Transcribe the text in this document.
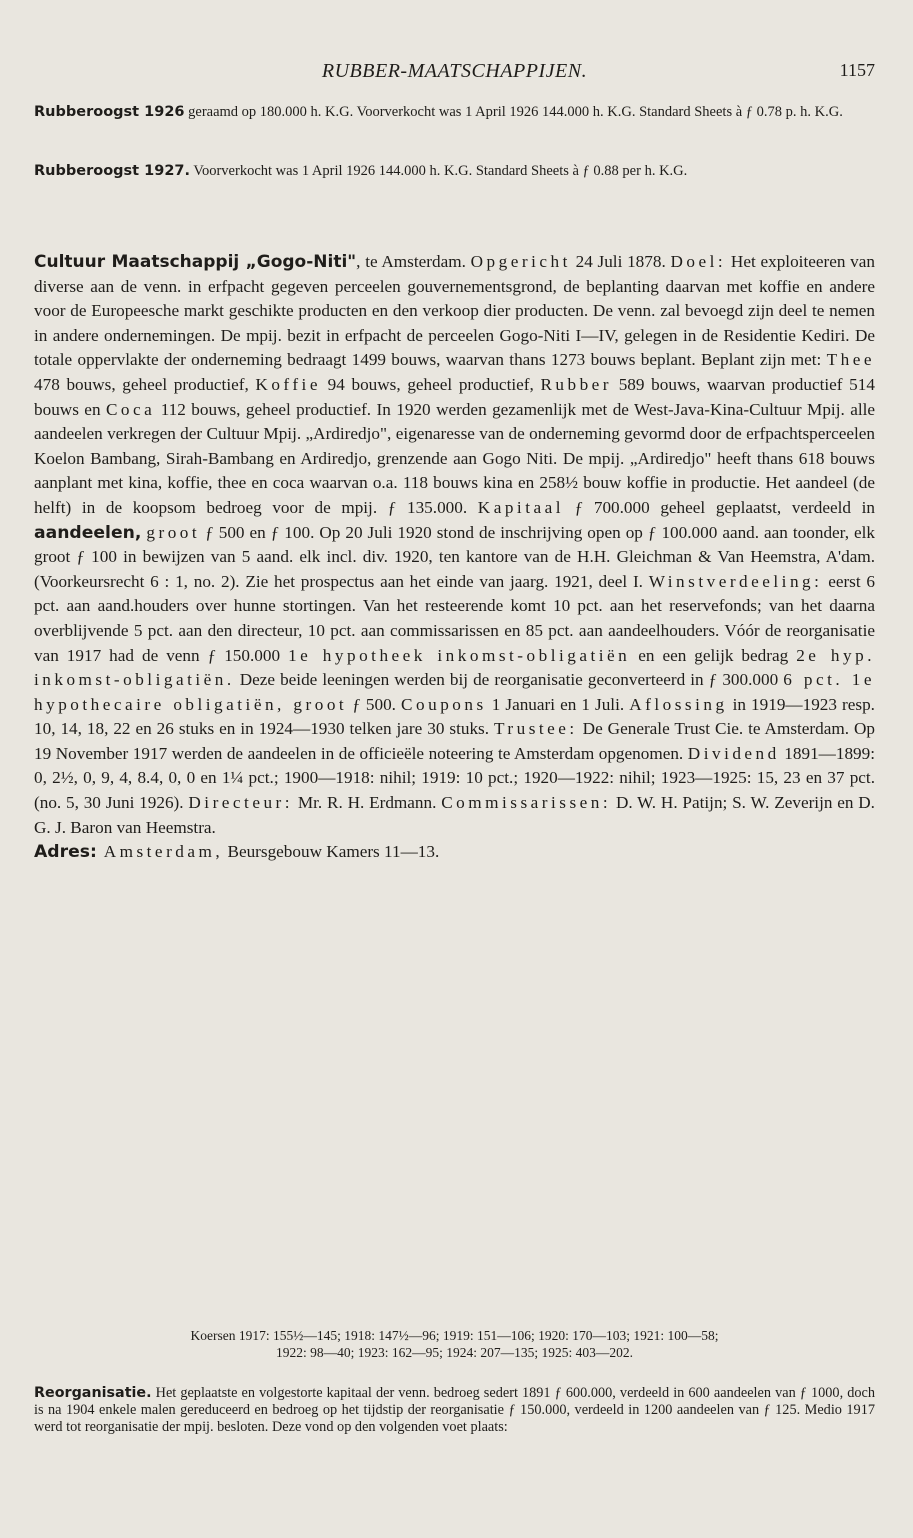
RUBBER-MAATSCHAPPIJEN.	1157
Rubberoogst 1926 geraamd op 180.000 h. K.G. Voorverkocht was 1 April 1926 144.000 h. K.G. Standard Sheets à ƒ 0.78 p. h. K.G.
Rubberoogst 1927. Voorverkocht was 1 April 1926 144.000 h. K.G. Standard Sheets à ƒ 0.88 per h. K.G.

Cultuur Maatschappij „Gogo-Niti", te Amsterdam. Opgericht 24 Juli 1878. Doel: Het exploiteeren van diverse aan de venn. in erfpacht gegeven perceelen gouvernementsgrond, de beplanting daarvan met koffie en andere voor de Europeesche markt geschikte producten en den verkoop dier producten. De venn. zal bevoegd zijn deel te nemen in andere ondernemingen. De mpij. bezit in erfpacht de perceelen Gogo-Niti I—IV, gelegen in de Residentie Kediri. De totale oppervlakte der onderneming bedraagt 1499 bouws, waarvan thans 1273 bouws beplant. Beplant zijn met: Thee 478 bouws, geheel productief, Koffie 94 bouws, geheel productief, Rubber 589 bouws, waarvan productief 514 bouws en Coca 112 bouws, geheel productief. In 1920 werden gezamenlijk met de West-Java-Kina-Cultuur Mpij. alle aandeelen verkregen der Cultuur Mpij. „Ardiredjo", eigenaresse van de onderneming gevormd door de erfpachtsperceelen Koelon Bambang, Sirah-Bambang en Ardiredjo, grenzende aan Gogo Niti. De mpij. „Ardiredjo" heeft thans 618 bouws aanplant met kina, koffie, thee en coca waarvan o.a. 118 bouws kina en 258½ bouw koffie in productie. Het aandeel (de helft) in de koopsom bedroeg voor de mpij. ƒ 135.000. Kapitaal ƒ 700.000 geheel geplaatst, verdeeld in aandeelen, groot ƒ 500 en ƒ 100. Op 20 Juli 1920 stond de inschrijving open op ƒ 100.000 aand. aan toonder, elk groot ƒ 100 in bewijzen van 5 aand. elk incl. div. 1920, ten kantore van de H.H. Gleichman & Van Heemstra, A'dam. (Voorkeursrecht 6 : 1, no. 2). Zie het prospectus aan het einde van jaarg. 1921, deel I. Winstverdeeling: eerst 6 pct. aan aand.houders over hunne stortingen. Van het resteerende komt 10 pct. aan het reservefonds; van het daarna overblijvende 5 pct. aan den directeur, 10 pct. aan commissarissen en 85 pct. aan aandeelhouders. Vóór de reorganisatie van 1917 had de venn ƒ 150.000 1e hypotheek inkomst-obligatiën en een gelijk bedrag 2e hyp. inkomst-obligatiën. Deze beide leeningen werden bij de reorganisatie geconverteerd in ƒ 300.000 6 pct. 1e hypothecaire obligatiën, groot ƒ 500. Coupons 1 Januari en 1 Juli. Aflossing in 1919—1923 resp. 10, 14, 18, 22 en 26 stuks en in 1924—1930 telken jare 30 stuks. Trustee: De Generale Trust Cie. te Amsterdam. Op 19 November 1917 werden de aandeelen in de officieële noteering te Amsterdam opgenomen. Dividend 1891—1899: 0, 2½, 0, 9, 4, 8.4, 0, 0 en 1¼ pct.; 1900—1918: nihil; 1919: 10 pct.; 1920—1922: nihil; 1923—1925: 15, 23 en 37 pct. (no. 5, 30 Juni 1926). Directeur: Mr. R. H. Erdmann. Commissarissen: D. W. H. Patijn; S. W. Zeverijn en D. G. J. Baron van Heemstra.

Adres: Amsterdam, Beursgebouw Kamers 11—13.

Koersen 1917: 155½—145; 1918: 147½—96; 1919: 151—106; 1920: 170—103; 1921: 100—58;
1922: 98—40; 1923: 162—95; 1924: 207—135; 1925: 403—202.
Reorganisatie. Het geplaatste en volgestorte kapitaal der venn. bedroeg sedert 1891 ƒ 600.000, verdeeld in 600 aandeelen van ƒ 1000, doch is na 1904 enkele malen gereduceerd en bedroeg op het tijdstip der reorganisatie ƒ 150.000, verdeeld in 1200 aandeelen van ƒ 125. Medio 1917 werd tot reorganisatie der mpij. besloten. Deze vond op den volgenden voet plaats:
